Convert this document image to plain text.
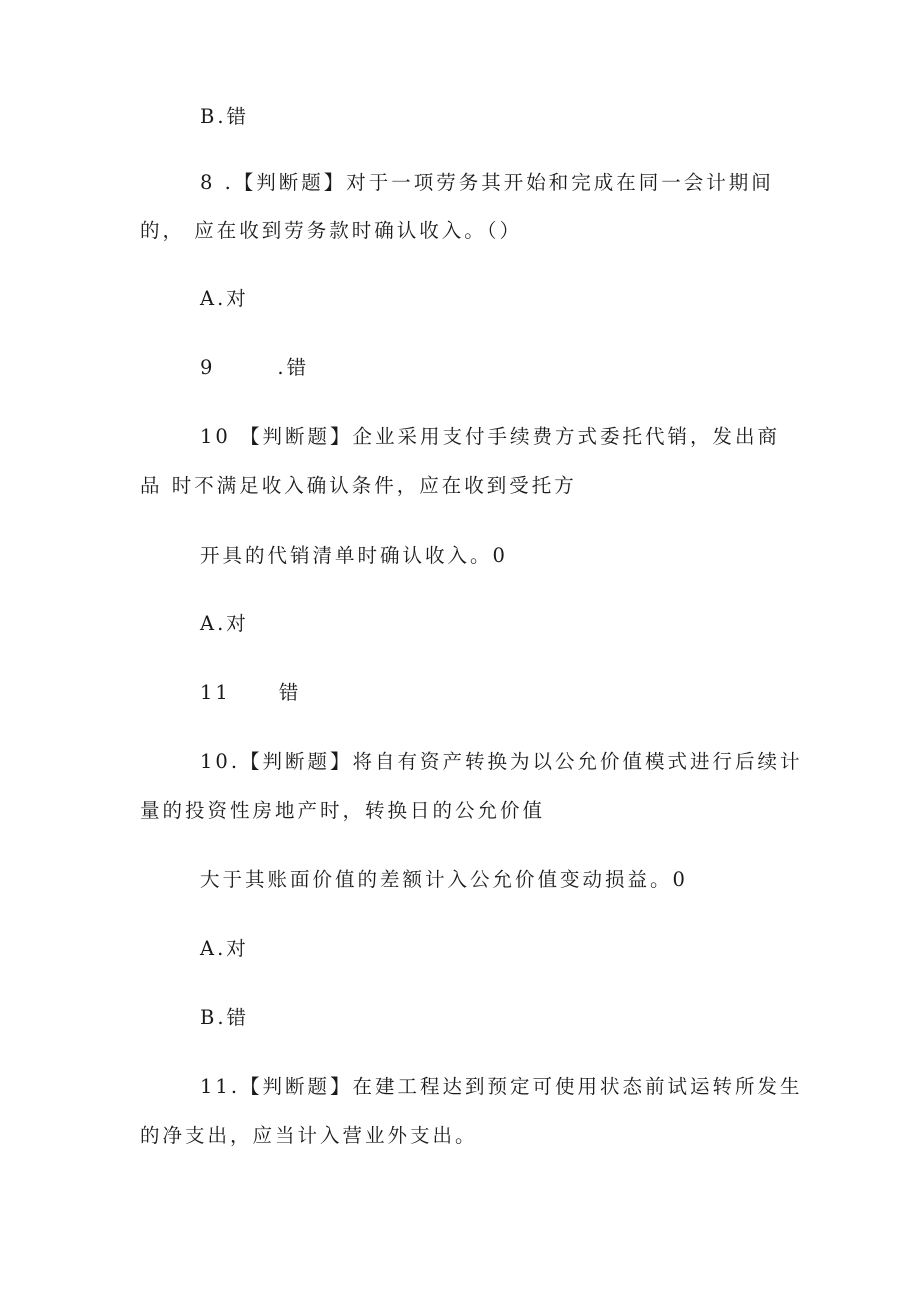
B.错

8 .【判断题】对于一项劳务其开始和完成在同一会计期间

的， 应在收到劳务款时确认收入。（）

A.对

9	.错

10 【判断题】企业采用支付手续费方式委托代销，发出商

品 时不满足收入确认条件，应在收到受托方

开具的代销清单时确认收入。0

A.对

11 错

10.【判断题】将自有资产转换为以公允价值模式进行后续计

量的投资性房地产时，转换日的公允价值

大于其账面价值的差额计入公允价值变动损益。0

A.对

B.错

11.【判断题】在建工程达到预定可使用状态前试运转所发生

的净支出，应当计入营业外支出。
